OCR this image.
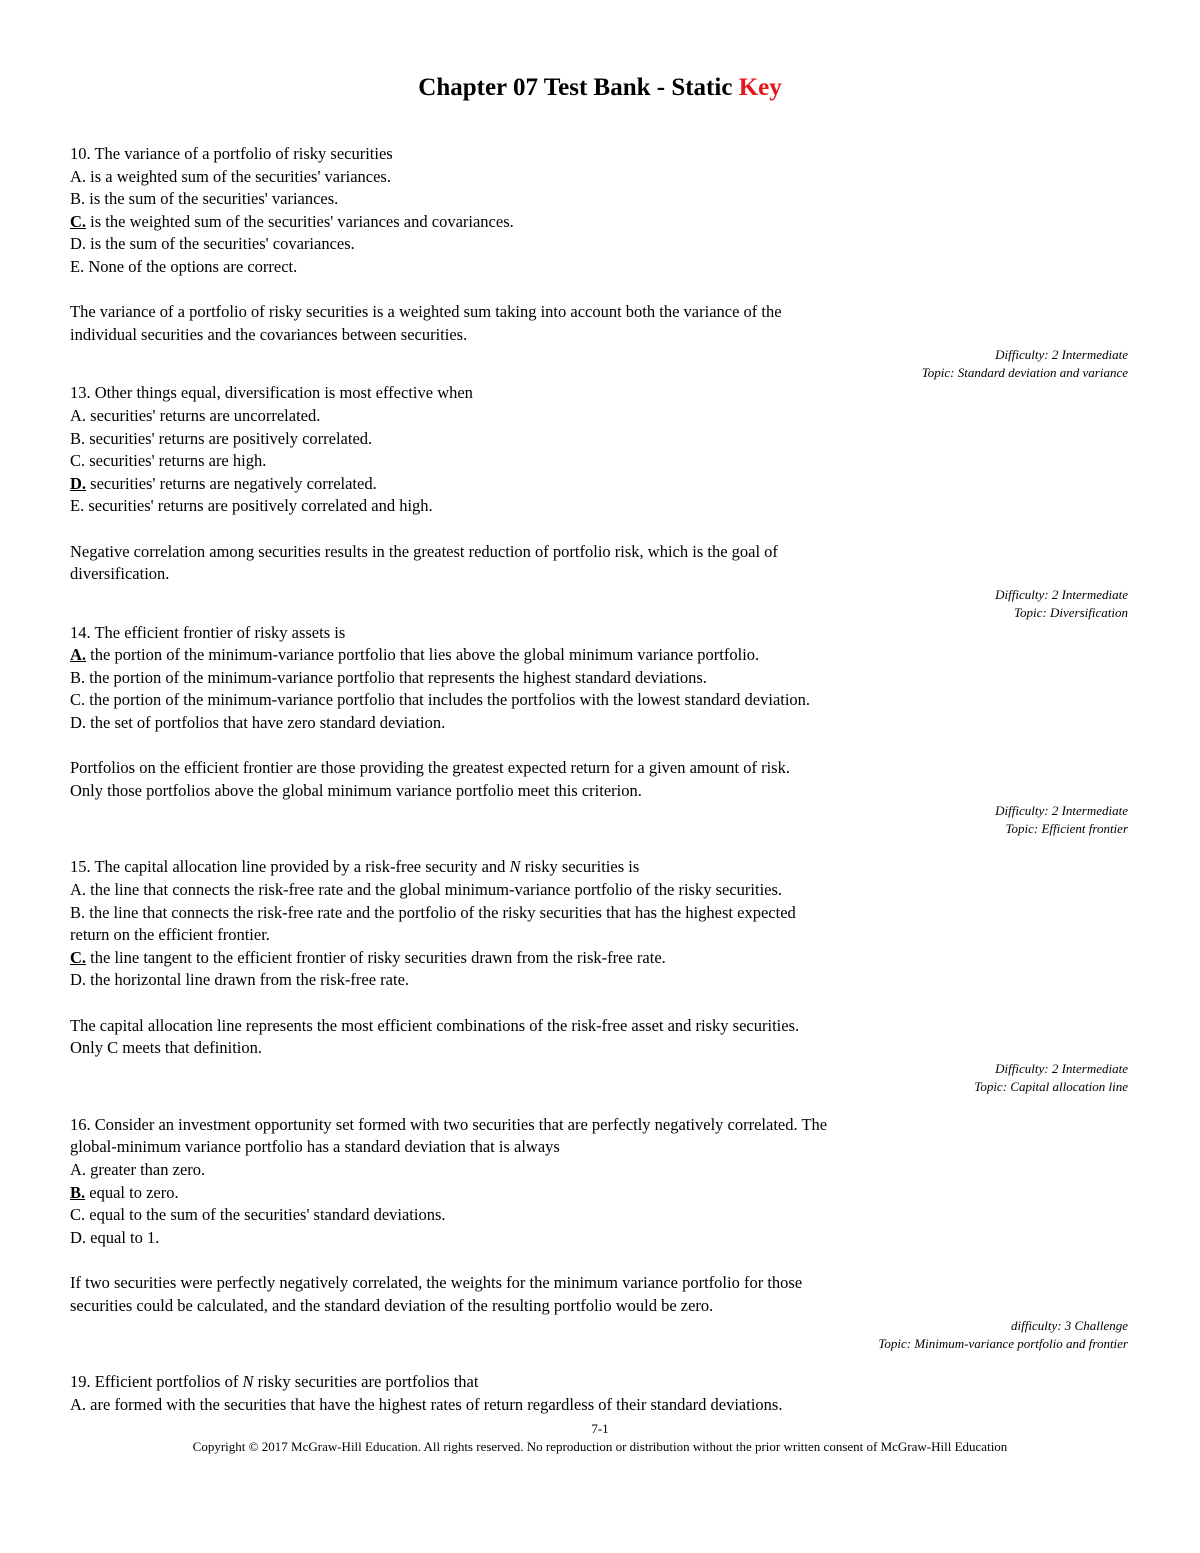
Chapter 07 Test Bank - Static Key
10. The variance of a portfolio of risky securities
A. is a weighted sum of the securities' variances.
B. is the sum of the securities' variances.
C. is the weighted sum of the securities' variances and covariances.
D. is the sum of the securities' covariances.
E. None of the options are correct.
The variance of a portfolio of risky securities is a weighted sum taking into account both the variance of the
individual securities and the covariances between securities.
Difficulty: 2 Intermediate
Topic: Standard deviation and variance
13. Other things equal, diversification is most effective when
A. securities' returns are uncorrelated.
B. securities' returns are positively correlated.
C. securities' returns are high.
D. securities' returns are negatively correlated.
E. securities' returns are positively correlated and high.
Negative correlation among securities results in the greatest reduction of portfolio risk, which is the goal of
diversification.
Difficulty: 2 Intermediate
Topic: Diversification
14. The efficient frontier of risky assets is
A. the portion of the minimum-variance portfolio that lies above the global minimum variance portfolio.
B. the portion of the minimum-variance portfolio that represents the highest standard deviations.
C. the portion of the minimum-variance portfolio that includes the portfolios with the lowest standard deviation.
D. the set of portfolios that have zero standard deviation.
Portfolios on the efficient frontier are those providing the greatest expected return for a given amount of risk.
Only those portfolios above the global minimum variance portfolio meet this criterion.
Difficulty: 2 Intermediate
Topic: Efficient frontier
15. The capital allocation line provided by a risk-free security and N risky securities is
A. the line that connects the risk-free rate and the global minimum-variance portfolio of the risky securities.
B. the line that connects the risk-free rate and the portfolio of the risky securities that has the highest expected
return on the efficient frontier.
C. the line tangent to the efficient frontier of risky securities drawn from the risk-free rate.
D. the horizontal line drawn from the risk-free rate.
The capital allocation line represents the most efficient combinations of the risk-free asset and risky securities.
Only C meets that definition.
Difficulty: 2 Intermediate
Topic: Capital allocation line
16. Consider an investment opportunity set formed with two securities that are perfectly negatively correlated. The
global-minimum variance portfolio has a standard deviation that is always
A. greater than zero.
B. equal to zero.
C. equal to the sum of the securities' standard deviations.
D. equal to 1.
If two securities were perfectly negatively correlated, the weights for the minimum variance portfolio for those
securities could be calculated, and the standard deviation of the resulting portfolio would be zero.
difficulty: 3 Challenge
Topic: Minimum-variance portfolio and frontier
19. Efficient portfolios of N risky securities are portfolios that
A. are formed with the securities that have the highest rates of return regardless of their standard deviations.
7-1
Copyright © 2017 McGraw-Hill Education. All rights reserved. No reproduction or distribution without the prior written consent of McGraw-Hill Education
